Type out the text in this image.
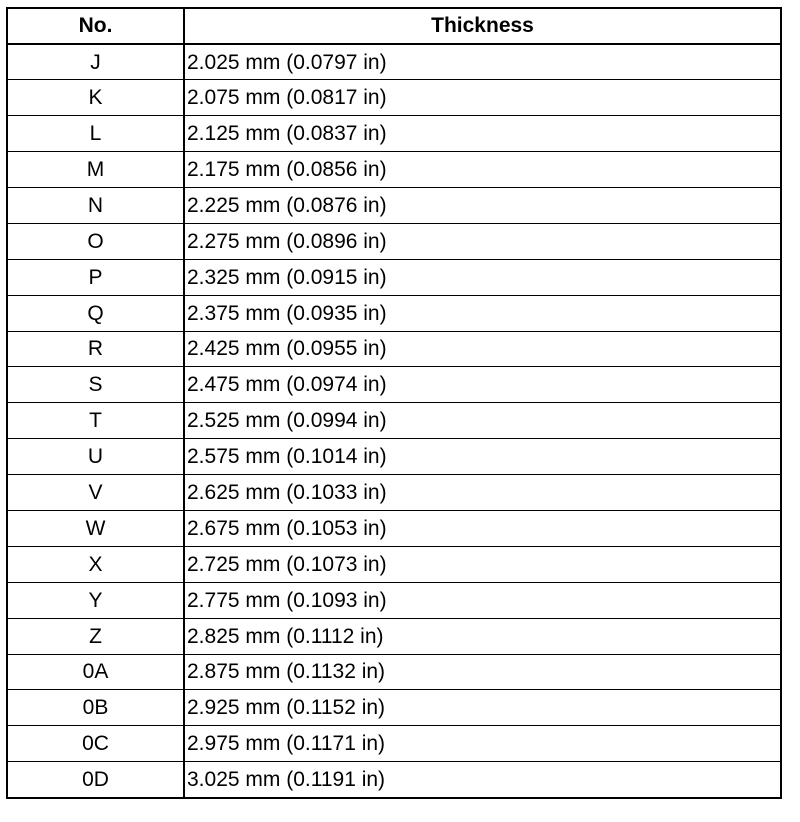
No.	Thickness
J	2.025 mm (0.0797 in)
K	2.075 mm (0.0817 in)
L	2.125 mm (0.0837 in)
M	2.175 mm (0.0856 in)
N	2.225 mm (0.0876 in)
O	2.275 mm (0.0896 in)
P	2.325 mm (0.0915 in)
Q	2.375 mm (0.0935 in)
R	2.425 mm (0.0955 in)
S	2.475 mm (0.0974 in)
T	2.525 mm (0.0994 in)
U	2.575 mm (0.1014 in)
V	2.625 mm (0.1033 in)
W	2.675 mm (0.1053 in)
X	2.725 mm (0.1073 in)
Y	2.775 mm (0.1093 in)
Z	2.825 mm (0.1112 in)
0A	2.875 mm (0.1132 in)
0B	2.925 mm (0.1152 in)
0C	2.975 mm (0.1171 in)
0D	3.025 mm (0.1191 in)
